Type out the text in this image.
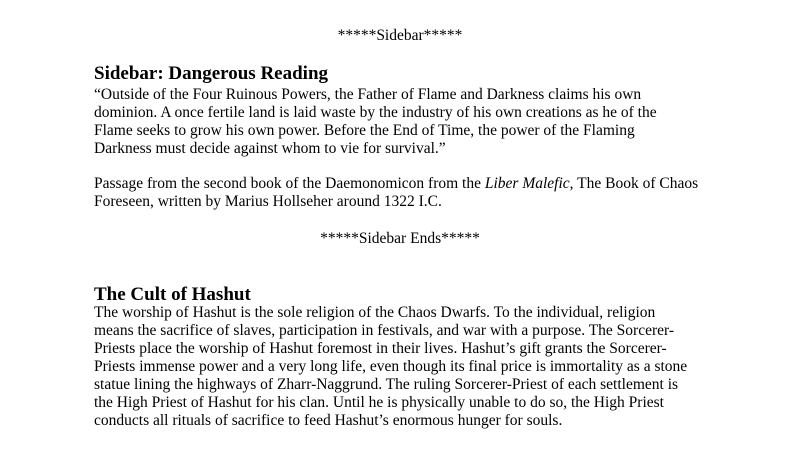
*****Sidebar*****
Sidebar: Dangerous Reading
“Outside of the Four Ruinous Powers, the Father of Flame and Darkness claims his own
dominion. A once fertile land is laid waste by the industry of his own creations as he of the
Flame seeks to grow his own power. Before the End of Time, the power of the Flaming
Darkness must decide against whom to vie for survival.”
Passage from the second book of the Daemonomicon from the Liber Malefic, The Book of Chaos
Foreseen, written by Marius Hollseher around 1322 I.C.
*****Sidebar Ends*****
The Cult of Hashut
The worship of Hashut is the sole religion of the Chaos Dwarfs. To the individual, religion
means the sacrifice of slaves, participation in festivals, and war with a purpose. The Sorcerer-
Priests place the worship of Hashut foremost in their lives. Hashut’s gift grants the Sorcerer-
Priests immense power and a very long life, even though its final price is immortality as a stone
statue lining the highways of Zharr-Naggrund. The ruling Sorcerer-Priest of each settlement is
the High Priest of Hashut for his clan. Until he is physically unable to do so, the High Priest
conducts all rituals of sacrifice to feed Hashut’s enormous hunger for souls.
